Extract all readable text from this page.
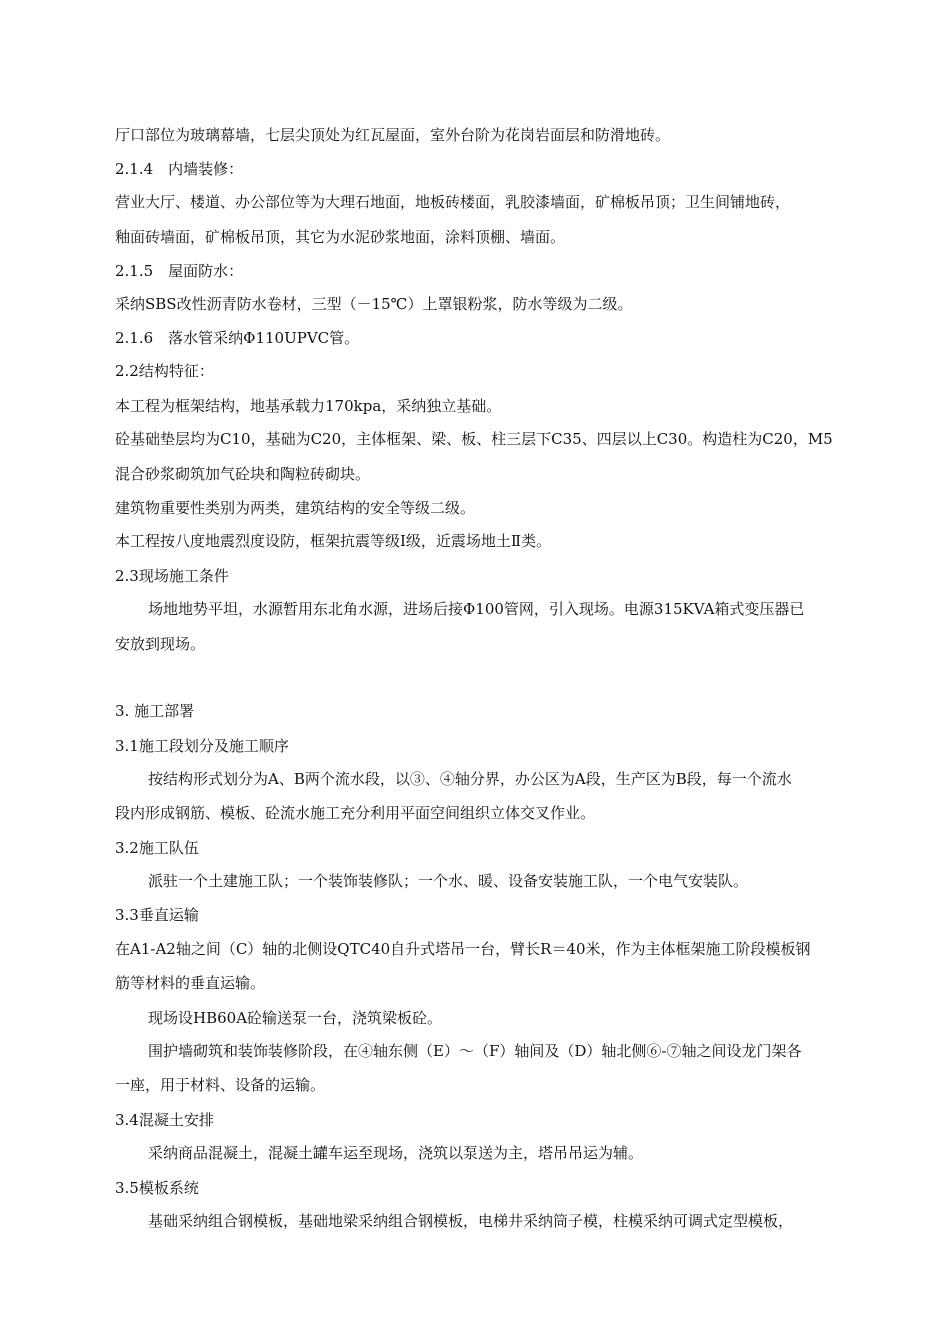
厅口部位为玻璃幕墙，七层尖顶处为红瓦屋面，室外台阶为花岗岩面层和防滑地砖。
2.1.4　内墙装修：
营业大厅、楼道、办公部位等为大理石地面，地板砖楼面，乳胶漆墙面，矿棉板吊顶；卫生间铺地砖，
釉面砖墙面，矿棉板吊顶，其它为水泥砂浆地面，涂料顶棚、墙面。
2.1.5　屋面防水：
采纳SBS改性沥青防水卷材，三型（－15℃）上罩银粉浆，防水等级为二级。
2.1.6　落水管采纳Φ110UPVC管。
2.2结构特征：
本工程为框架结构，地基承载力170kpa，采纳独立基础。
砼基础垫层均为C10，基础为C20，主体框架、梁、板、柱三层下C35、四层以上C30。构造柱为C20，M5
混合砂浆砌筑加气砼块和陶粒砖砌块。
建筑物重要性类别为两类，建筑结构的安全等级二级。
本工程按八度地震烈度设防，框架抗震等级Ⅰ级，近震场地土Ⅱ类。
2.3现场施工条件
场地地势平坦，水源暂用东北角水源，进场后接Φ100管网，引入现场。电源315KVA箱式变压器已
安放到现场。
3. 施工部署
3.1施工段划分及施工顺序
按结构形式划分为A、B两个流水段，以③、④轴分界，办公区为A段，生产区为B段，每一个流水
段内形成钢筋、模板、砼流水施工充分利用平面空间组织立体交叉作业。
3.2施工队伍
派驻一个土建施工队；一个装饰装修队；一个水、暖、设备安装施工队，一个电气安装队。
3.3垂直运输
在A1-A2轴之间（C）轴的北侧设QTC40自升式塔吊一台，臂长R＝40米，作为主体框架施工阶段模板钢
筋等材料的垂直运输。
现场设HB60A砼输送泵一台，浇筑梁板砼。
围护墙砌筑和装饰装修阶段，在④轴东侧（E）～（F）轴间及（D）轴北侧⑥-⑦轴之间设龙门架各
一座，用于材料、设备的运输。
3.4混凝土安排
采纳商品混凝土，混凝土罐车运至现场，浇筑以泵送为主，塔吊吊运为辅。
3.5模板系统
基础采纳组合钢模板，基础地梁采纳组合钢模板，电梯井采纳筒子模，柱模采纳可调式定型模板，
